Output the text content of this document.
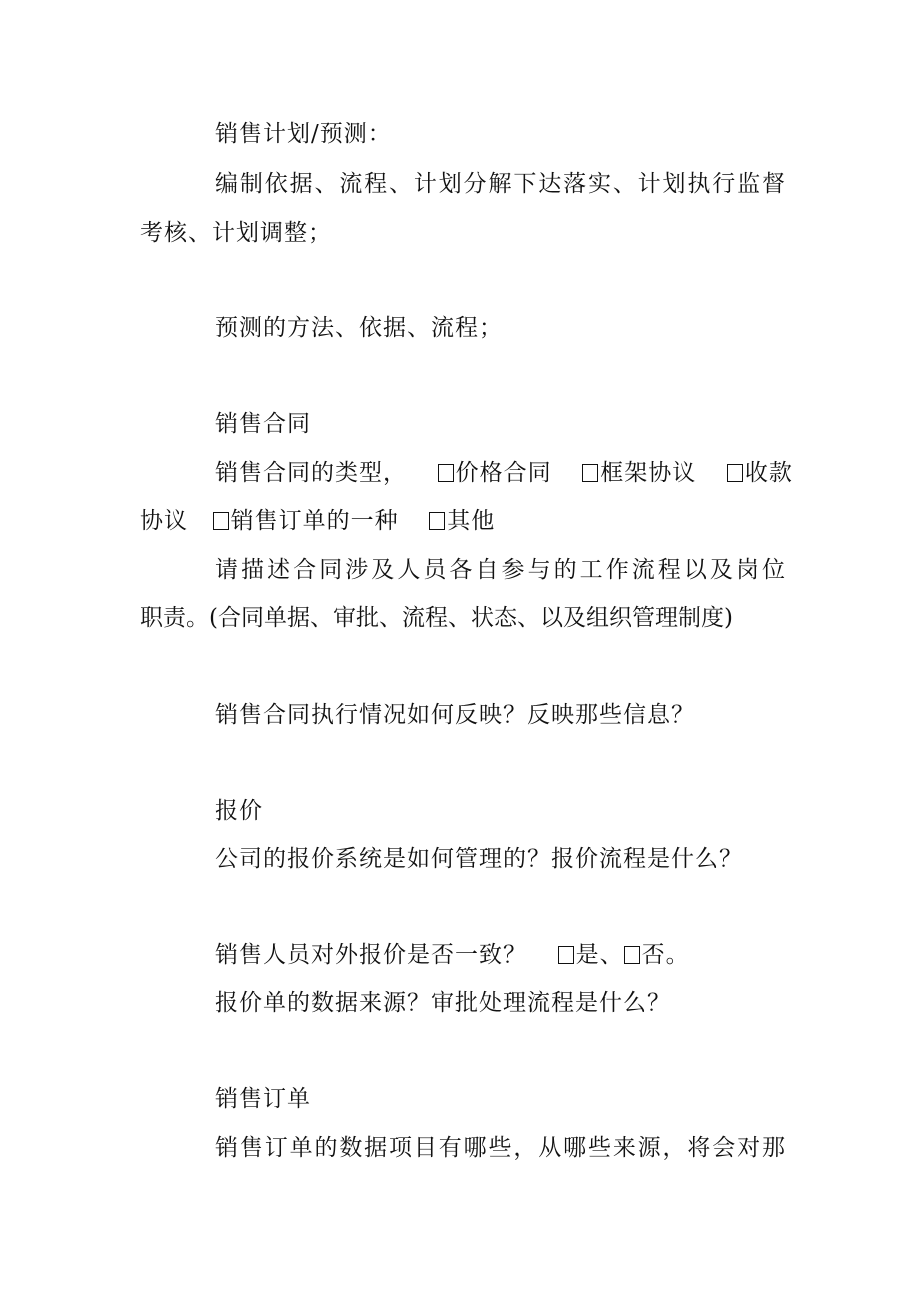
销售计划/预测：
编制依据、流程、计划分解下达落实、计划执行监督
考核、计划调整；
预测的方法、依据、流程；
销售合同
销售合同的类型， 价格合同 框架协议 收款
协议 销售订单的一种 其他
请描述合同涉及人员各自参与的工作流程以及岗位
职责。(合同单据、审批、流程、状态、以及组织管理制度)
销售合同执行情况如何反映？反映那些信息？
报价
公司的报价系统是如何管理的？报价流程是什么？
销售人员对外报价是否一致？ 是、 否。
报价单的数据来源？审批处理流程是什么？
销售订单
销售订单的数据项目有哪些，从哪些来源，将会对那
